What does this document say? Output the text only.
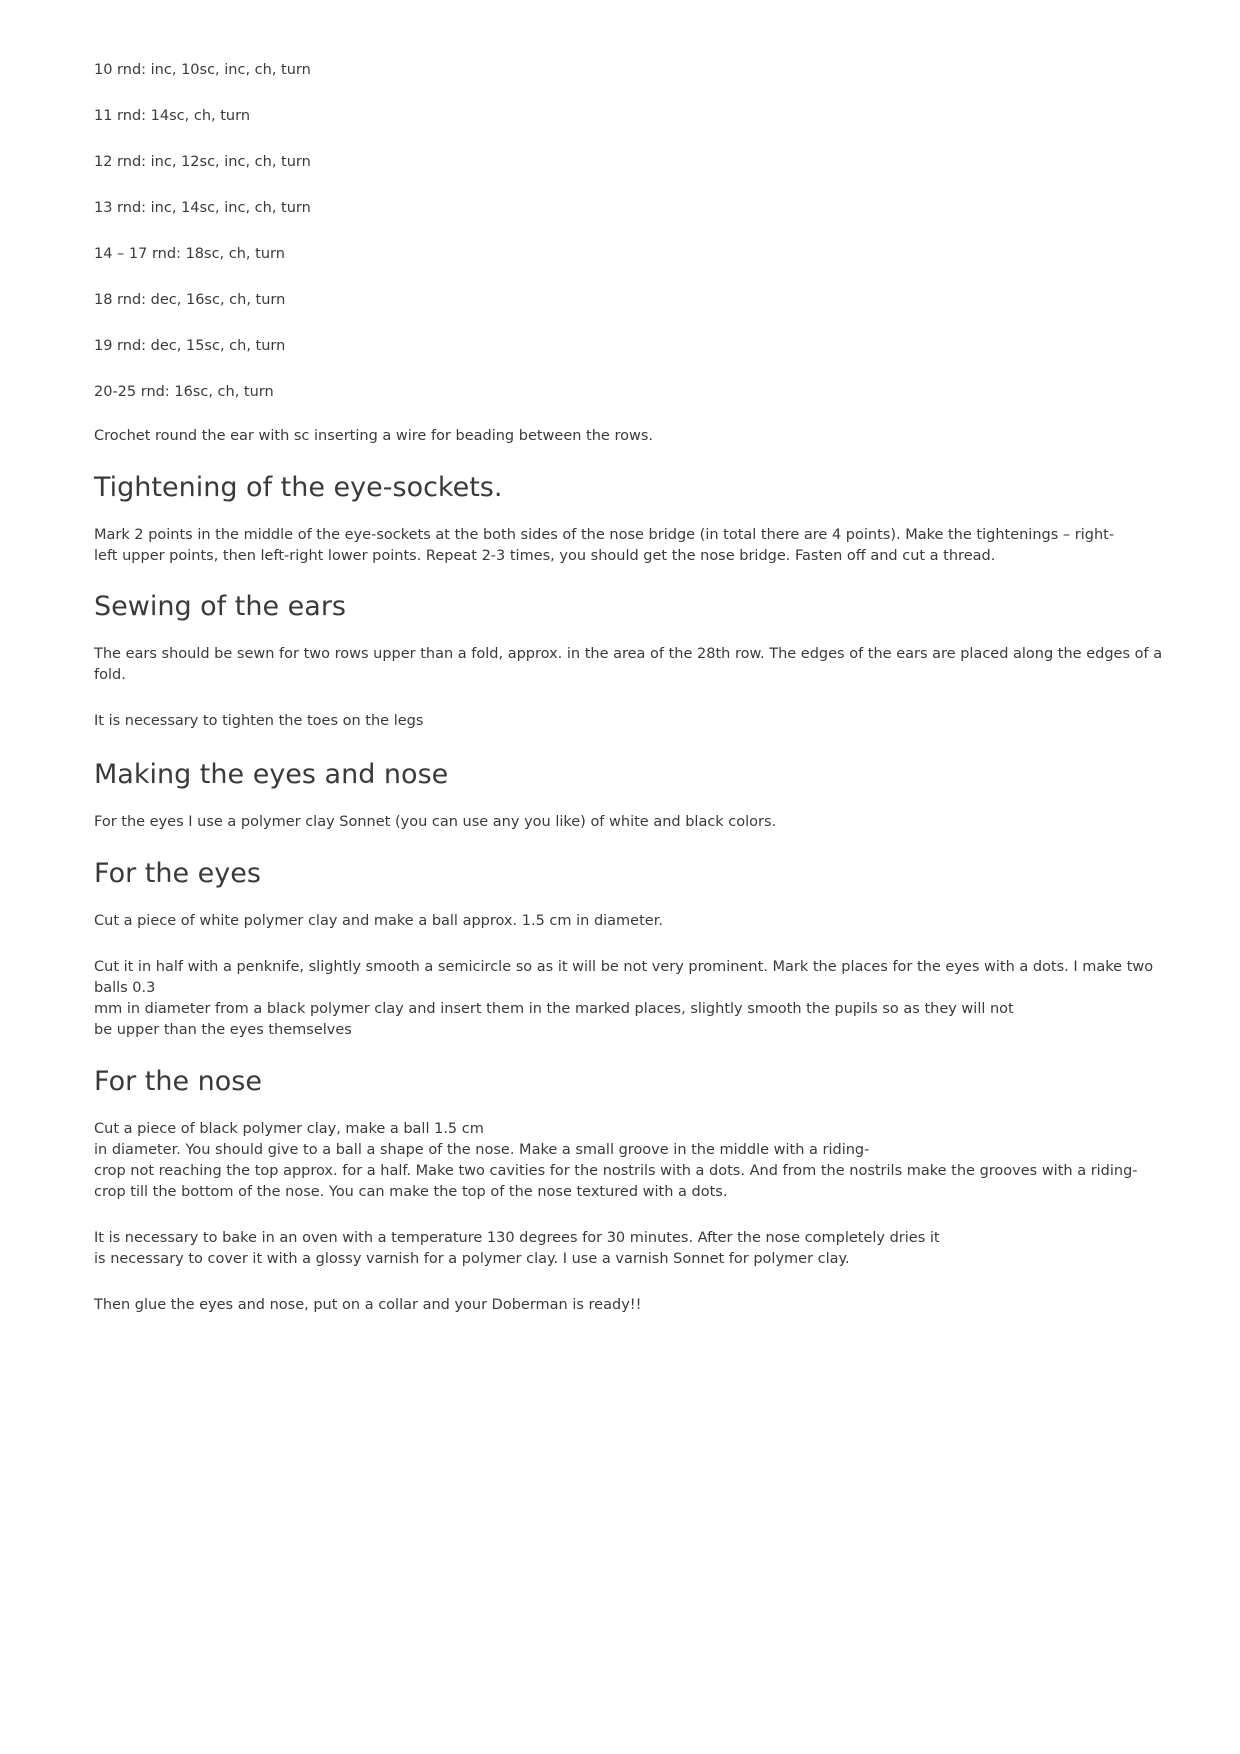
10 rnd: inc, 10sc, inc, ch, turn

11 rnd: 14sc, ch, turn

12 rnd: inc, 12sc, inc, ch, turn

13 rnd: inc, 14sc, inc, ch, turn

14 – 17 rnd: 18sc, ch, turn

18 rnd: dec, 16sc, ch, turn

19 rnd: dec, 15sc, ch, turn

20-25 rnd: 16sc, ch, turn

Crochet round the ear with sc inserting a wire for beading between the rows.

Tightening of the eye-sockets.

Mark 2 points in the middle of the eye-sockets at the both sides of the nose bridge (in total there are 4 points). Make the tightenings – right-
left upper points, then left-right lower points. Repeat 2-3 times, you should get the nose bridge. Fasten off and cut a thread.

Sewing of the ears

The ears should be sewn for two rows upper than a fold, approx. in the area of the 28th row. The edges of the ears are placed along the edges of a fold.

It is necessary to tighten the toes on the legs

Making the eyes and nose

For the eyes I use a polymer clay Sonnet (you can use any you like) of white and black colors.

For the eyes

Cut a piece of white polymer clay and make a ball approx. 1.5 cm in diameter.

Cut it in half with a penknife, slightly smooth a semicircle so as it will be not very prominent. Mark the places for the eyes with a dots. I make two balls 0.3
mm in diameter from a black polymer clay and insert them in the marked places, slightly smooth the pupils so as they will not
be upper than the eyes themselves

For the nose

Cut a piece of black polymer clay, make a ball 1.5 cm
in diameter. You should give to a ball a shape of the nose. Make a small groove in the middle with a riding-
crop not reaching the top approx. for a half. Make two cavities for the nostrils with a dots. And from the nostrils make the grooves with a riding-
crop till the bottom of the nose. You can make the top of the nose textured with a dots.

It is necessary to bake in an oven with a temperature 130 degrees for 30 minutes. After the nose completely dries it
is necessary to cover it with a glossy varnish for a polymer clay. I use a varnish Sonnet for polymer clay.

Then glue the eyes and nose, put on a collar and your Doberman is ready!!
